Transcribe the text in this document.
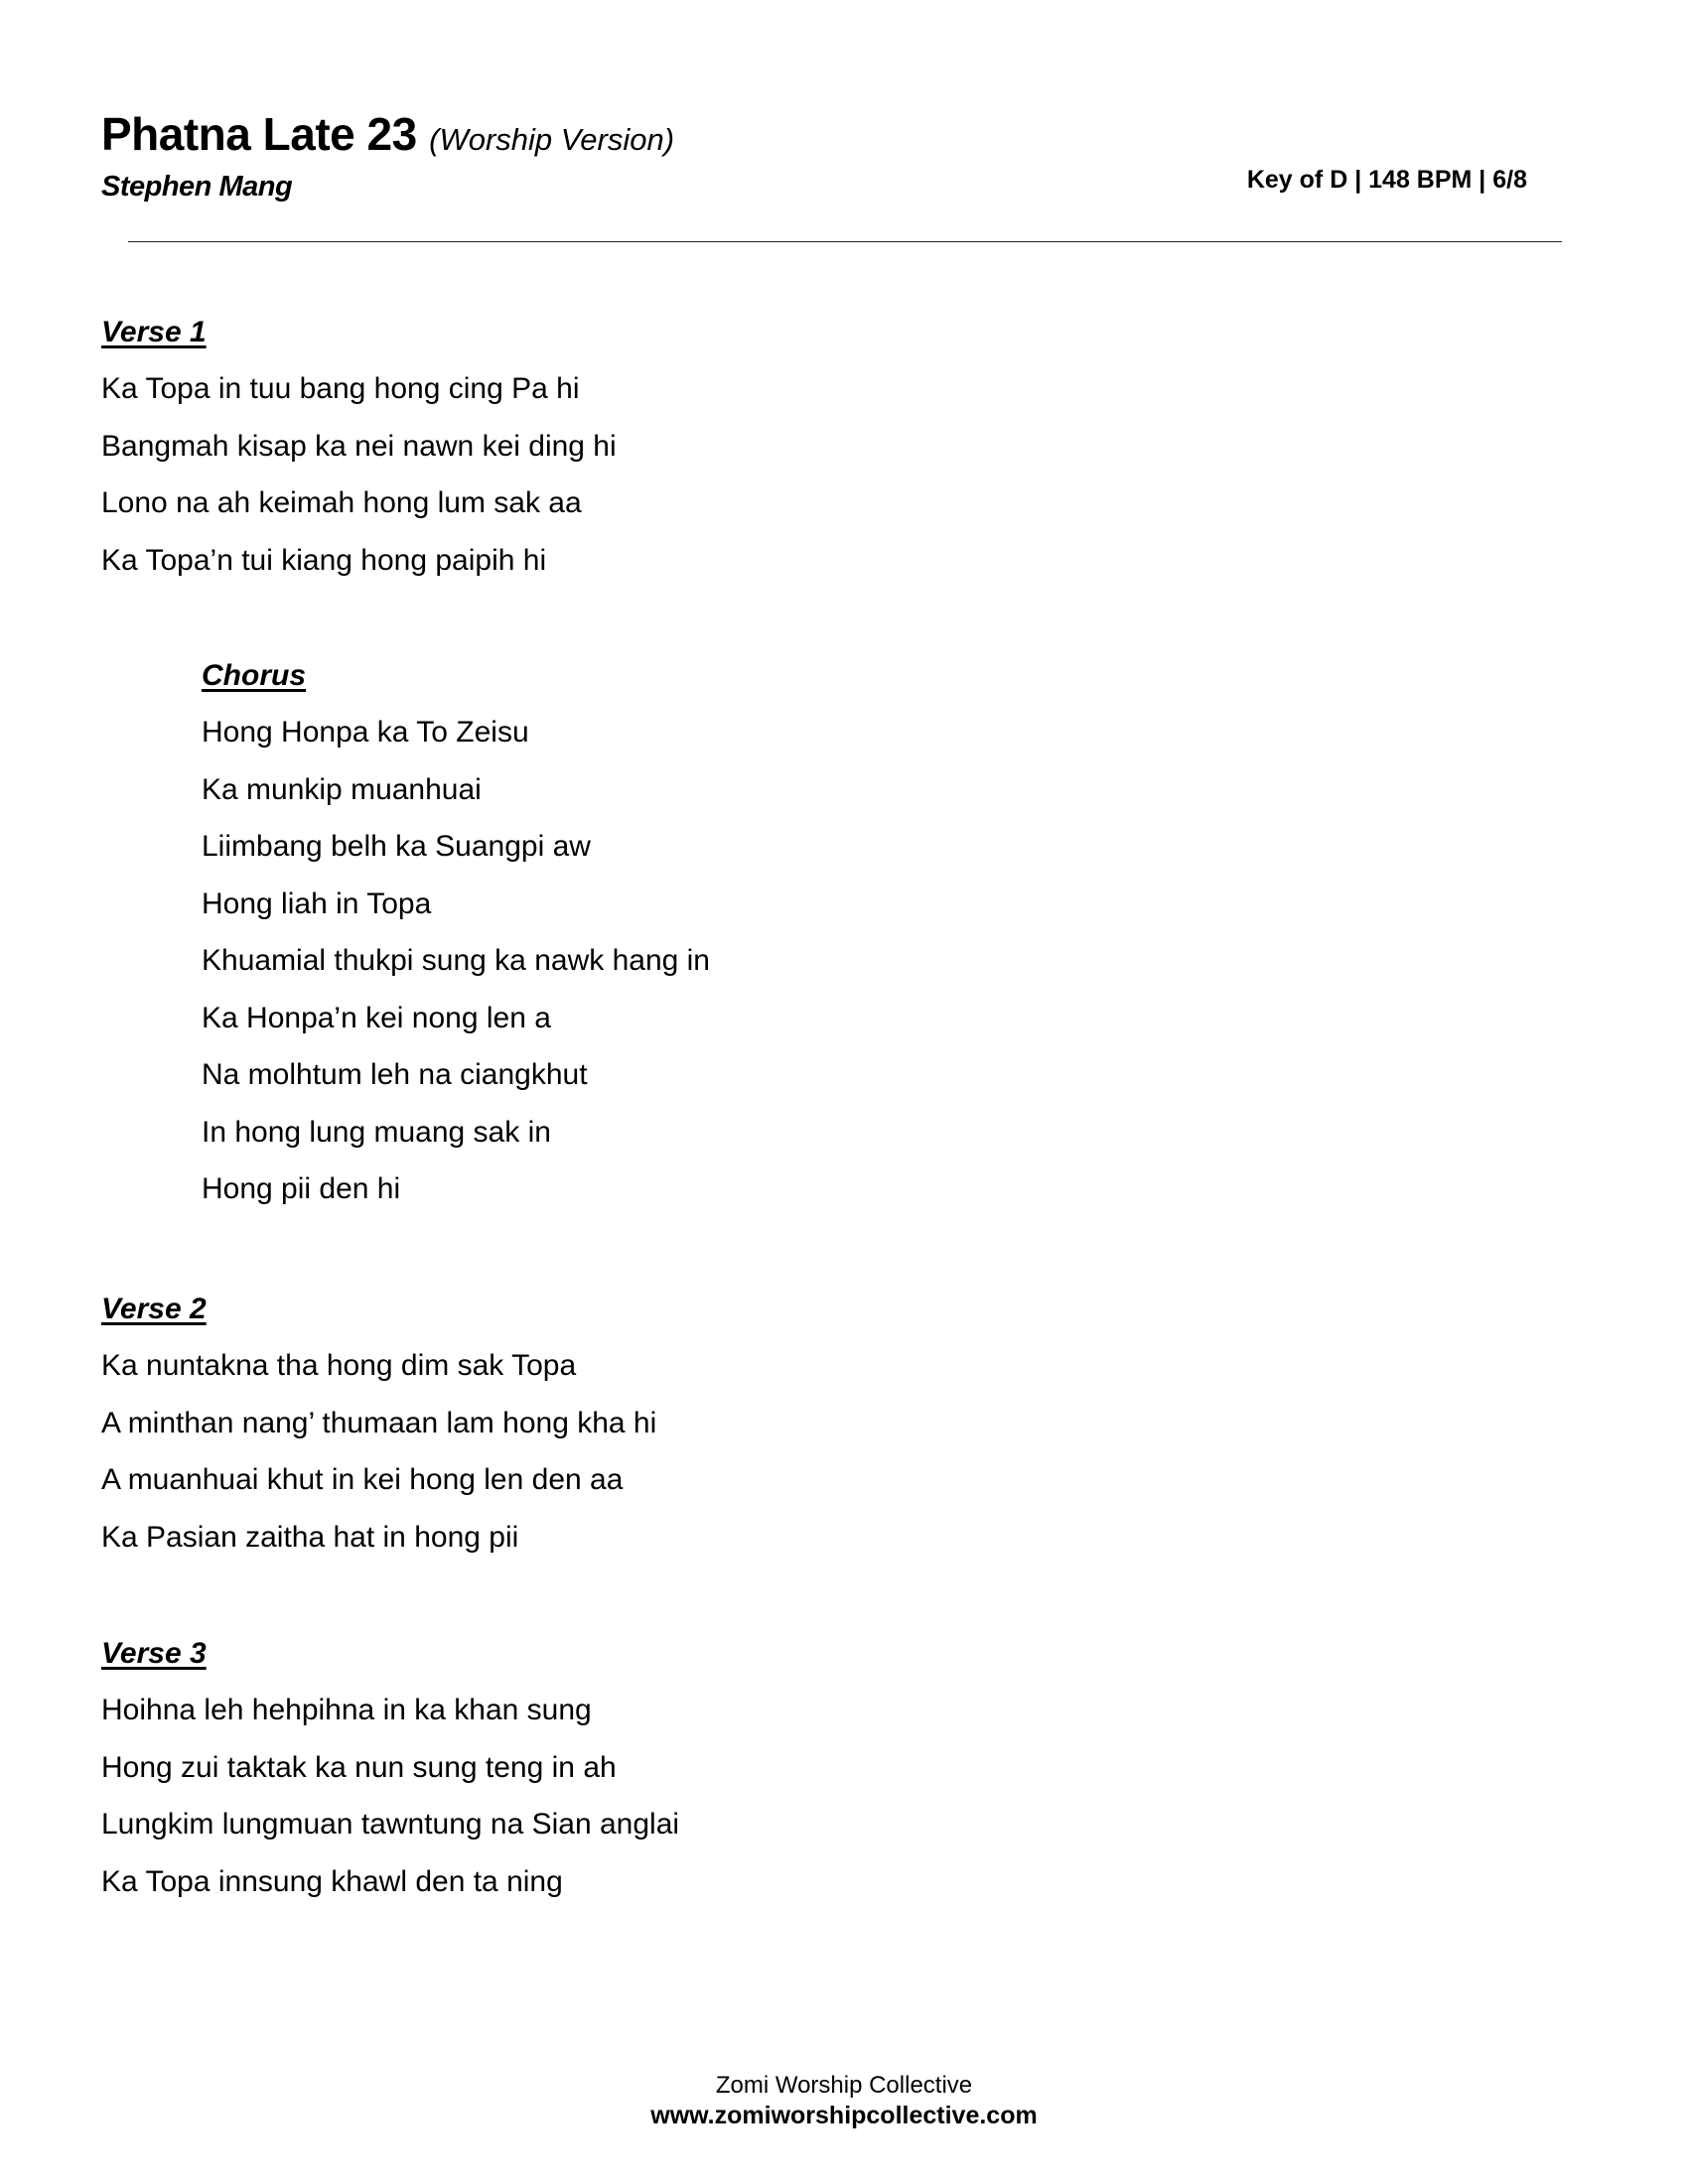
Phatna Late 23 (Worship Version)
Stephen Mang	Key of D | 148 BPM | 6/8
Verse 1
Ka Topa in tuu bang hong cing Pa hi
Bangmah kisap ka nei nawn kei ding hi
Lono na ah keimah hong lum sak aa
Ka Topa’n tui kiang hong paipih hi
Chorus
Hong Honpa ka To Zeisu
Ka munkip muanhuai
Liimbang belh ka Suangpi aw
Hong liah in Topa
Khuamial thukpi sung ka nawk hang in
Ka Honpa’n kei nong len a
Na molhtum leh na ciangkhut
In hong lung muang sak in
Hong pii den hi
Verse 2
Ka nuntakna tha hong dim sak Topa
A minthan nang’ thumaan lam hong kha hi
A muanhuai khut in kei hong len den aa
Ka Pasian zaitha hat in hong pii
Verse 3
Hoihna leh hehpihna in ka khan sung
Hong zui taktak ka nun sung teng in ah
Lungkim lungmuan tawntung na Sian anglai
Ka Topa innsung khawl den ta ning
Zomi Worship Collective
www.zomiworshipcollective.com
